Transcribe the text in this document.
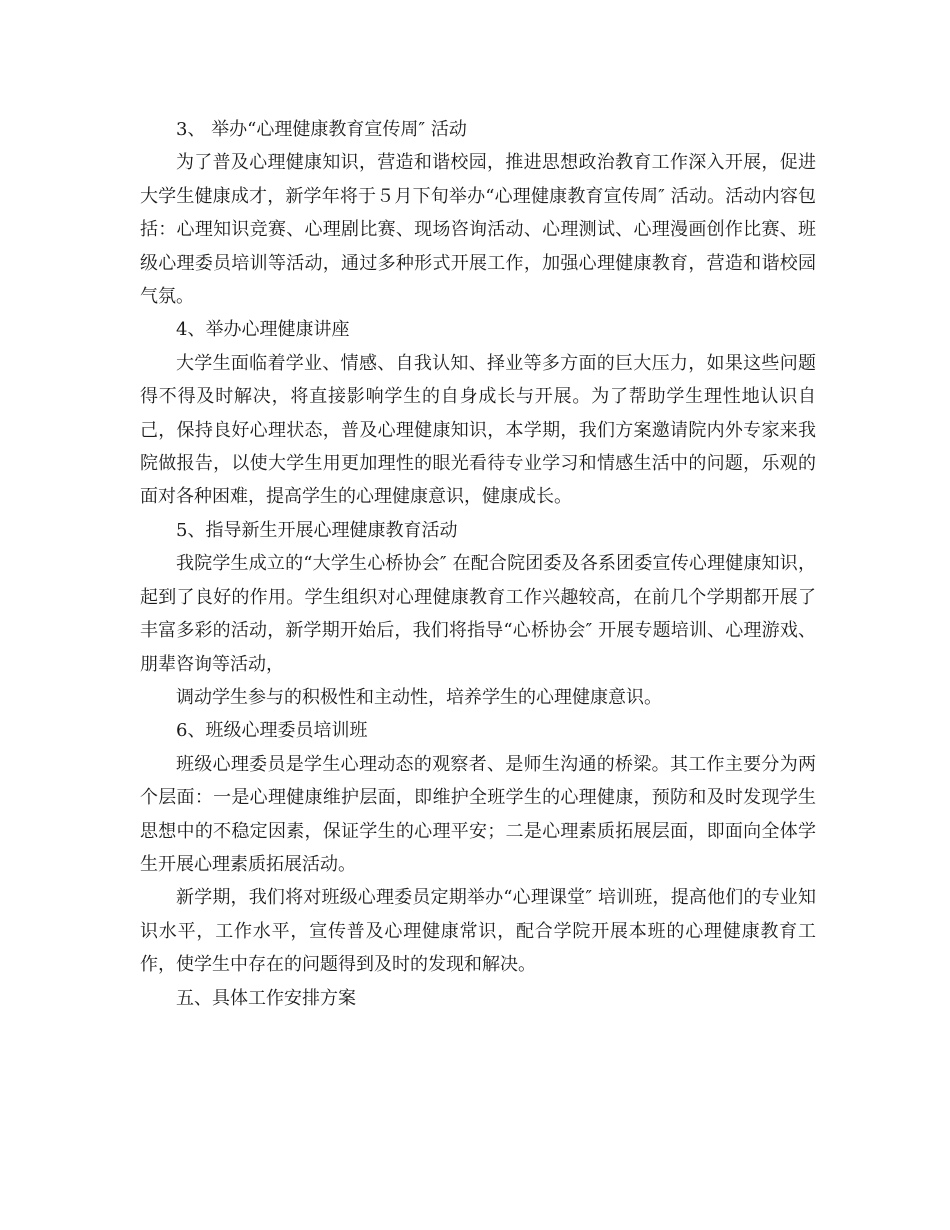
3、 举办“心理健康教育宣传周″ 活动

为了普及心理健康知识，营造和谐校园，推进思想政治教育工作深入开展，促进大学生健康成才，新学年将于５月下旬举办“心理健康教育宣传周″ 活动。活动内容包括：心理知识竞赛、心理剧比赛、现场咨询活动、心理测试、心理漫画创作比赛、班级心理委员培训等活动，通过多种形式开展工作，加强心理健康教育，营造和谐校园气氛。

4、举办心理健康讲座

大学生面临着学业、情感、自我认知、择业等多方面的巨大压力，如果这些问题得不得及时解决，将直接影响学生的自身成长与开展。为了帮助学生理性地认识自己，保持良好心理状态，普及心理健康知识，本学期，我们方案邀请院内外专家来我院做报告，以使大学生用更加理性的眼光看待专业学习和情感生活中的问题，乐观的面对各种困难，提高学生的心理健康意识，健康成长。

5、指导新生开展心理健康教育活动

我院学生成立的“大学生心桥协会″ 在配合院团委及各系团委宣传心理健康知识，起到了良好的作用。学生组织对心理健康教育工作兴趣较高，在前几个学期都开展了丰富多彩的活动，新学期开始后，我们将指导“心桥协会″ 开展专题培训、心理游戏、朋辈咨询等活动，

调动学生参与的积极性和主动性，培养学生的心理健康意识。

6、班级心理委员培训班

班级心理委员是学生心理动态的观察者、是师生沟通的桥梁。其工作主要分为两个层面：一是心理健康维护层面，即维护全班学生的心理健康，预防和及时发现学生思想中的不稳定因素，保证学生的心理平安；二是心理素质拓展层面，即面向全体学生开展心理素质拓展活动。

新学期，我们将对班级心理委员定期举办“心理课堂″ 培训班，提高他们的专业知识水平，工作水平，宣传普及心理健康常识，配合学院开展本班的心理健康教育工作，使学生中存在的问题得到及时的发现和解决。

五、具体工作安排方案
